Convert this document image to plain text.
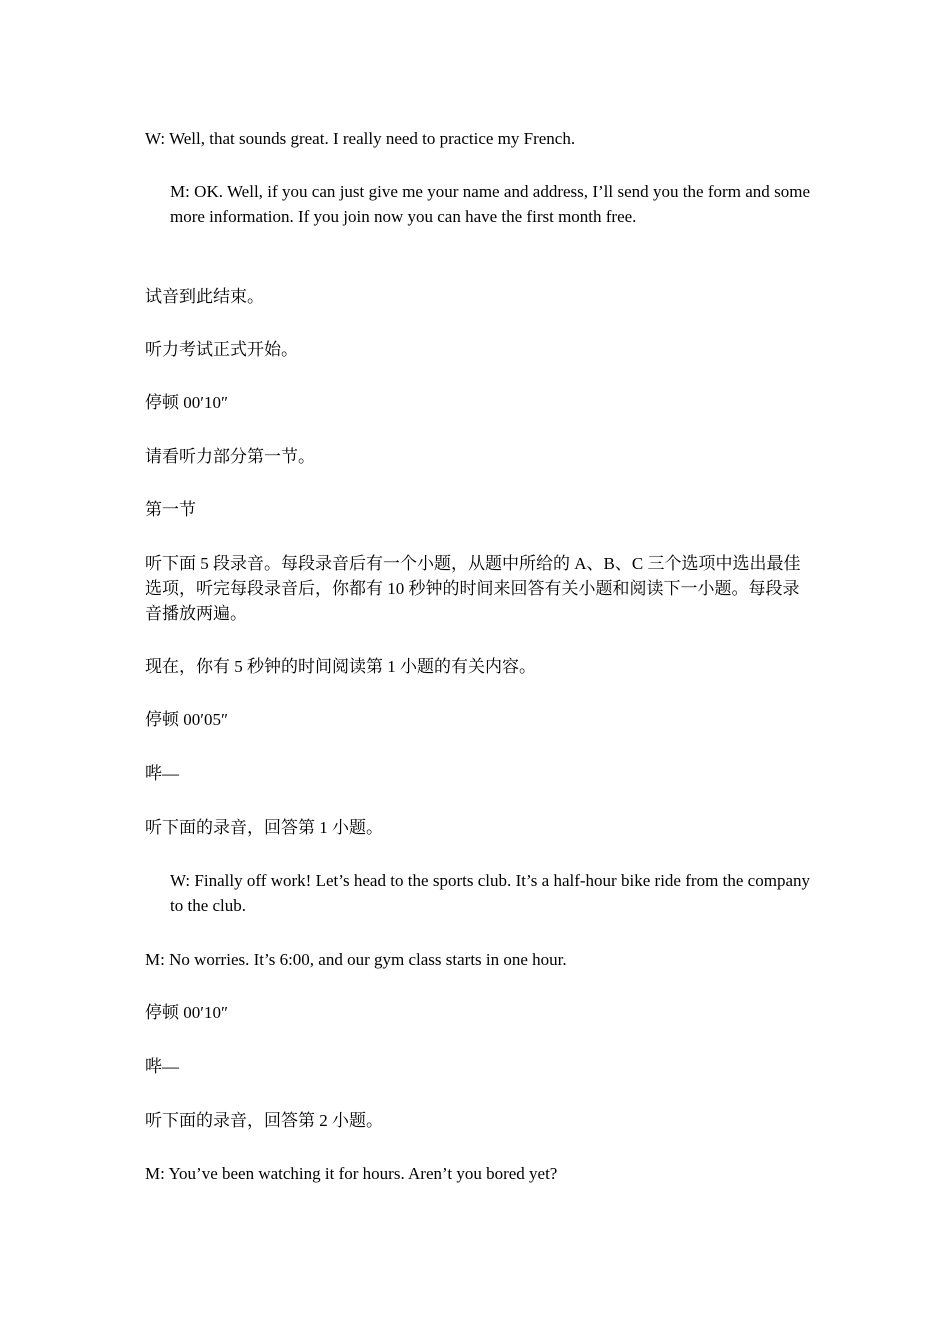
W: Well, that sounds great. I really need to practice my French.

M: OK. Well, if you can just give me your name and address, I’ll send you the form and some more information. If you join now you can have the first month free.

试音到此结束。

听力考试正式开始。

停顿 00′10″

请看听力部分第一节。

第一节

听下面 5 段录音。每段录音后有一个小题，从题中所给的 A、B、C 三个选项中选出最佳选项，听完每段录音后，你都有 10 秒钟的时间来回答有关小题和阅读下一小题。每段录音播放两遍。

现在，你有 5 秒钟的时间阅读第 1 小题的有关内容。

停顿 00′05″

哔—

听下面的录音，回答第 1 小题。

W: Finally off work! Let’s head to the sports club. It’s a half-hour bike ride from the company to the club.

M: No worries. It’s 6:00, and our gym class starts in one hour.

停顿 00′10″

哔—

听下面的录音，回答第 2 小题。

M: You’ve been watching it for hours. Aren’t you bored yet?
